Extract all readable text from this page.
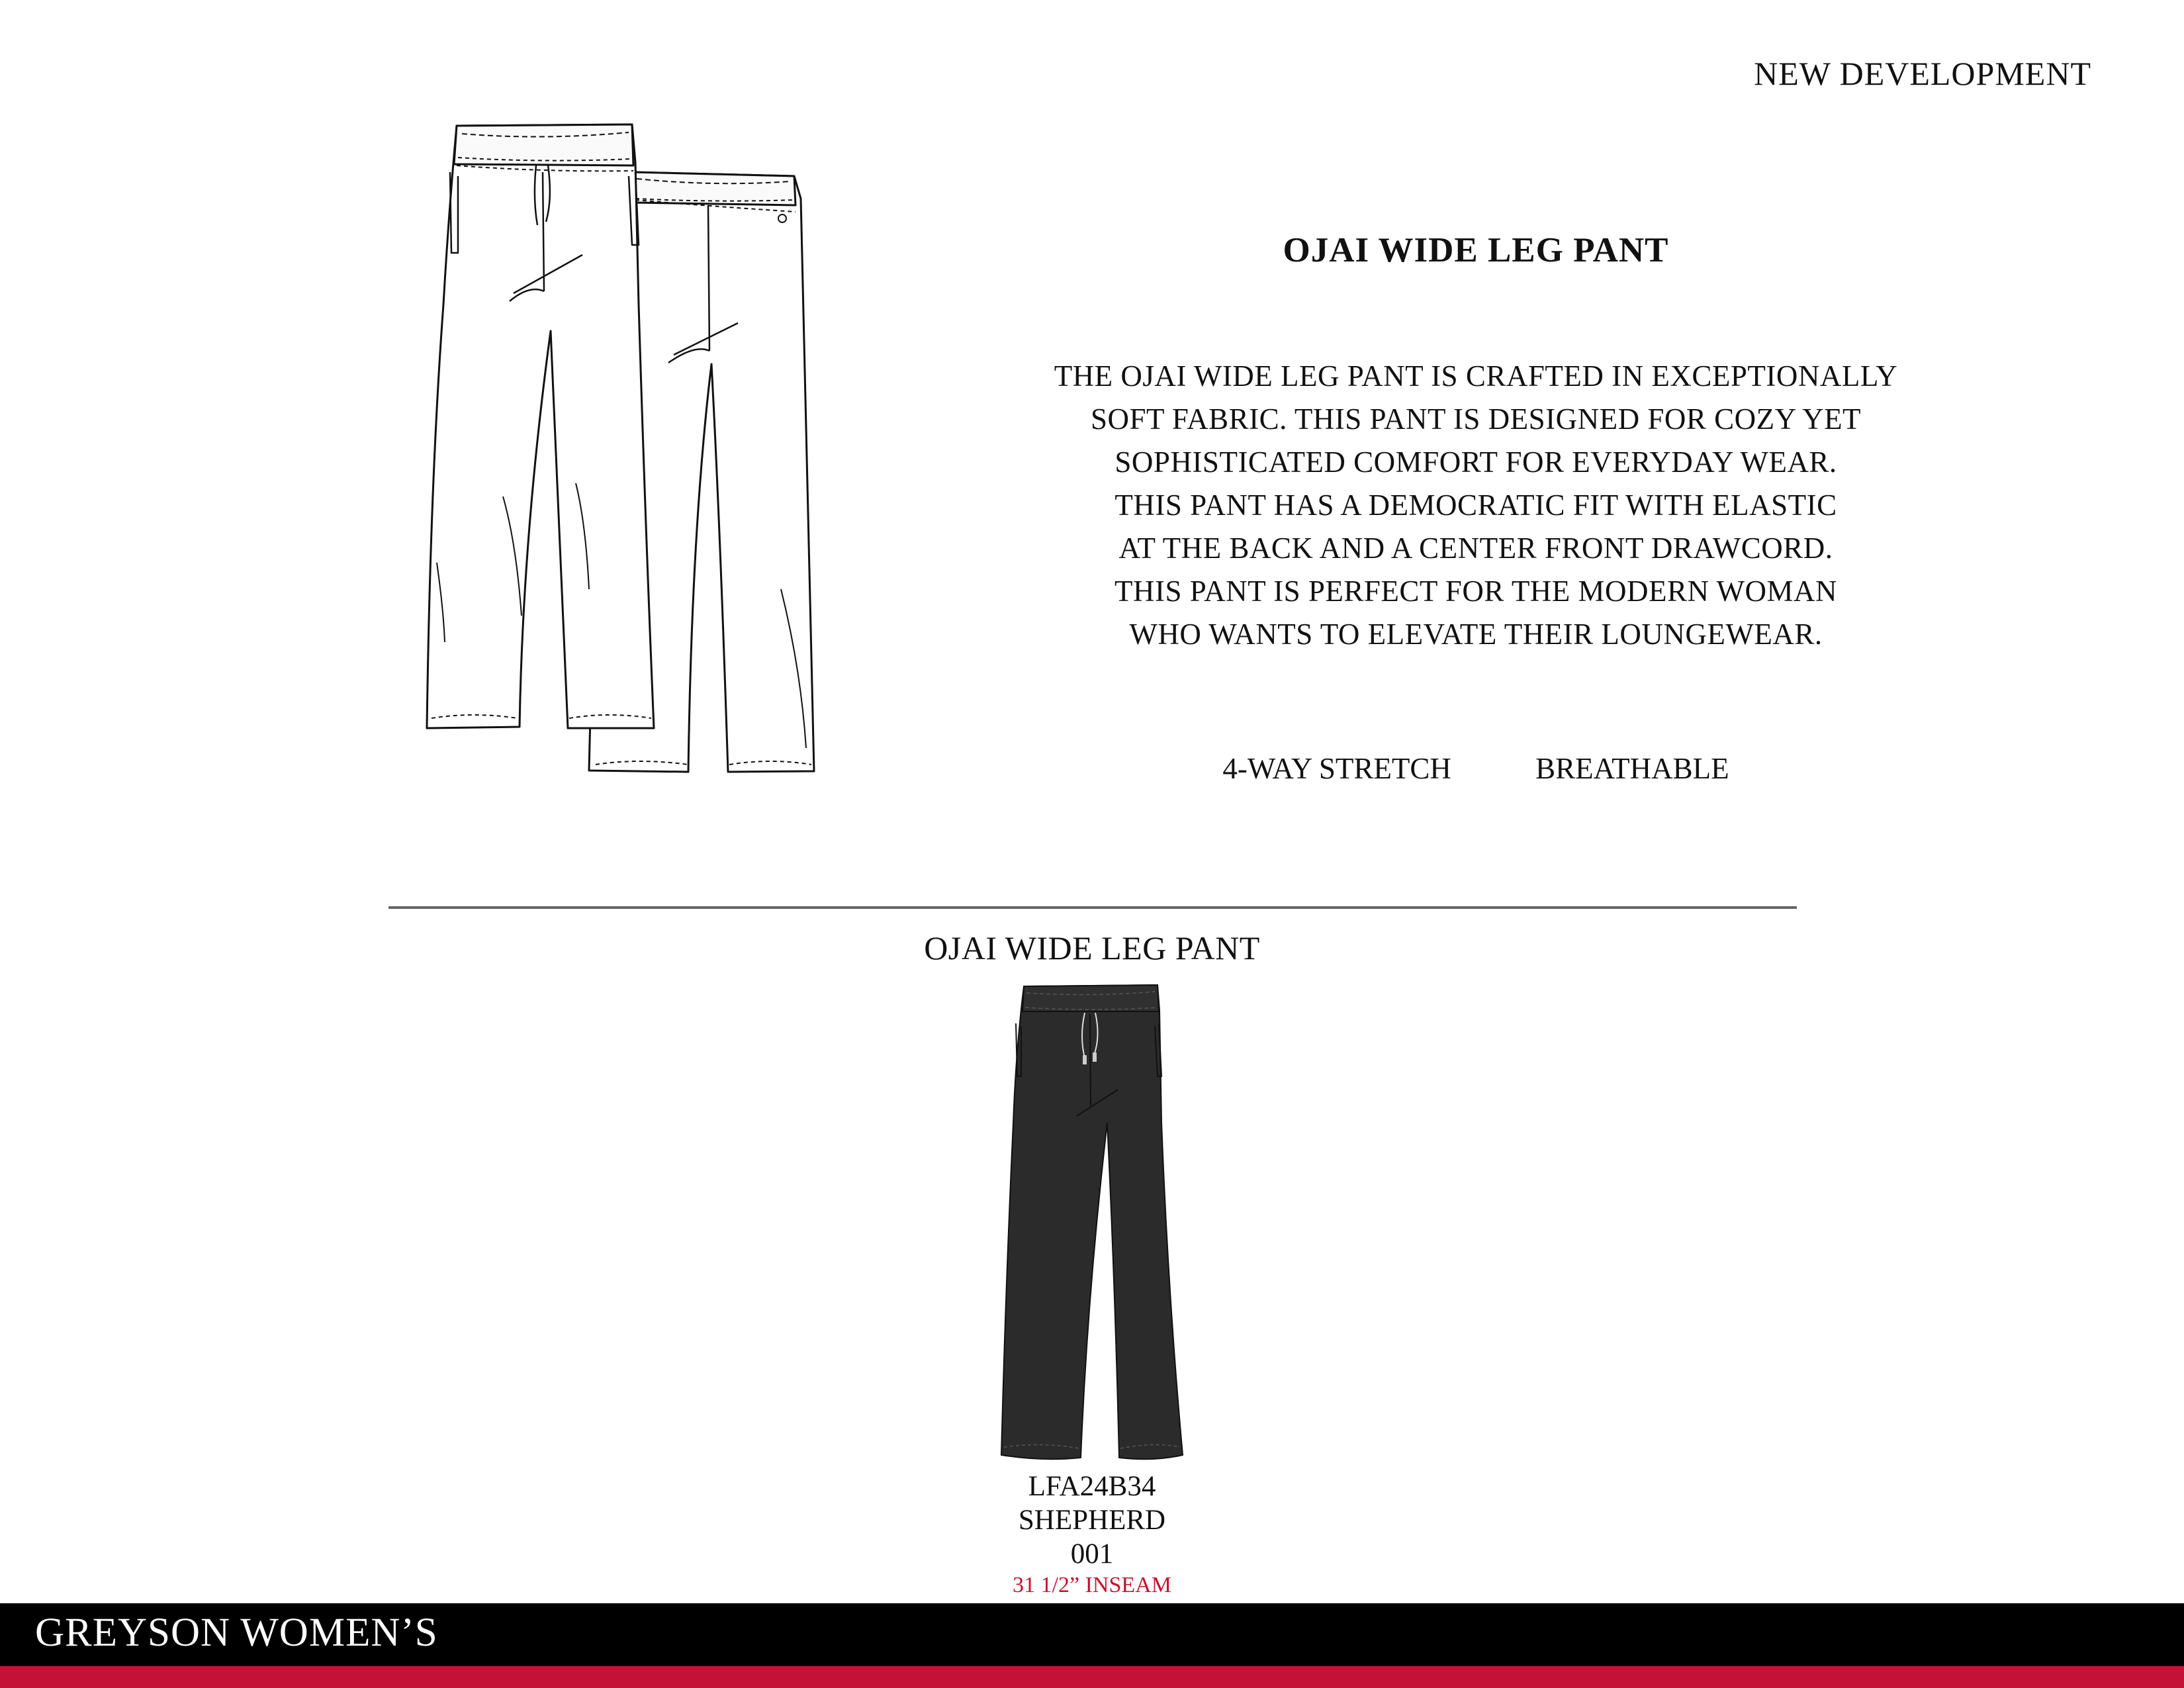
NEW DEVELOPMENT
OJAI WIDE LEG PANT
THE OJAI WIDE LEG PANT IS CRAFTED IN EXCEPTIONALLY
SOFT FABRIC. THIS PANT IS DESIGNED FOR COZY YET
SOPHISTICATED COMFORT FOR EVERYDAY WEAR.
THIS PANT HAS A DEMOCRATIC FIT WITH ELASTIC
AT THE BACK AND A CENTER FRONT DRAWCORD.
THIS PANT IS PERFECT FOR THE MODERN WOMAN
WHO WANTS TO ELEVATE THEIR LOUNGEWEAR.
4-WAY STRETCH	BREATHABLE
OJAI WIDE LEG PANT
LFA24B34
SHEPHERD
001
31 1/2” INSEAM
GREYSON WOMEN’S
